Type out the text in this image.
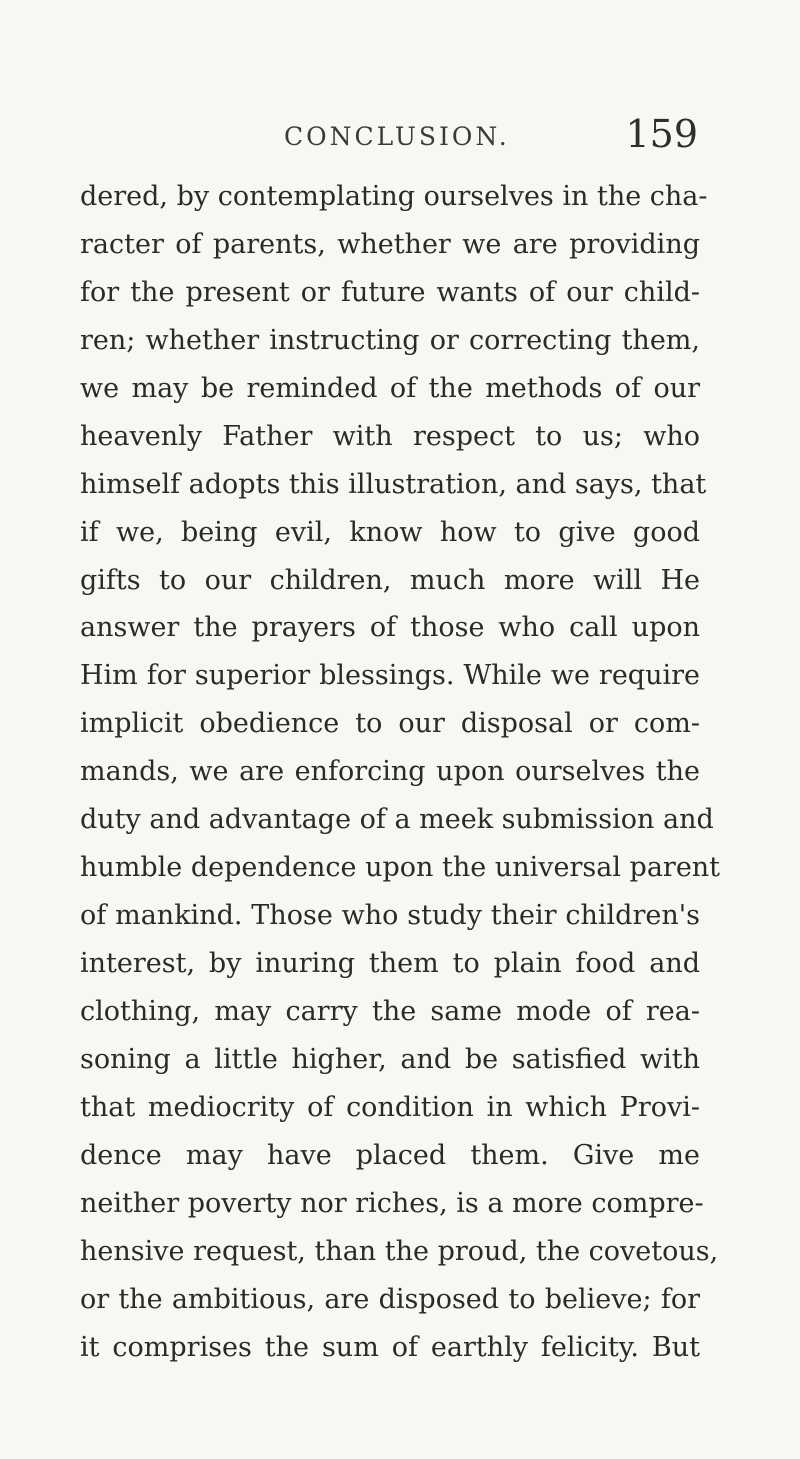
CONCLUSION.	159
dered, by contemplating ourselves in the cha-
racter of parents, whether we are providing
for the present or future wants of our child-
ren; whether instructing or correcting them,
we may be reminded of the methods of our
heavenly Father with respect to us; who
himself adopts this illustration, and says, that
if we, being evil, know how to give good
gifts to our children, much more will He
answer the prayers of those who call upon
Him for superior blessings. While we require
implicit obedience to our disposal or com-
mands, we are enforcing upon ourselves the
duty and advantage of a meek submission and
humble dependence upon the universal parent
of mankind. Those who study their children's
interest, by inuring them to plain food and
clothing, may carry the same mode of rea-
soning a little higher, and be satisfied with
that mediocrity of condition in which Provi-
dence may have placed them. Give me
neither poverty nor riches, is a more compre-
hensive request, than the proud, the covetous,
or the ambitious, are disposed to believe; for
it comprises the sum of earthly felicity. But
